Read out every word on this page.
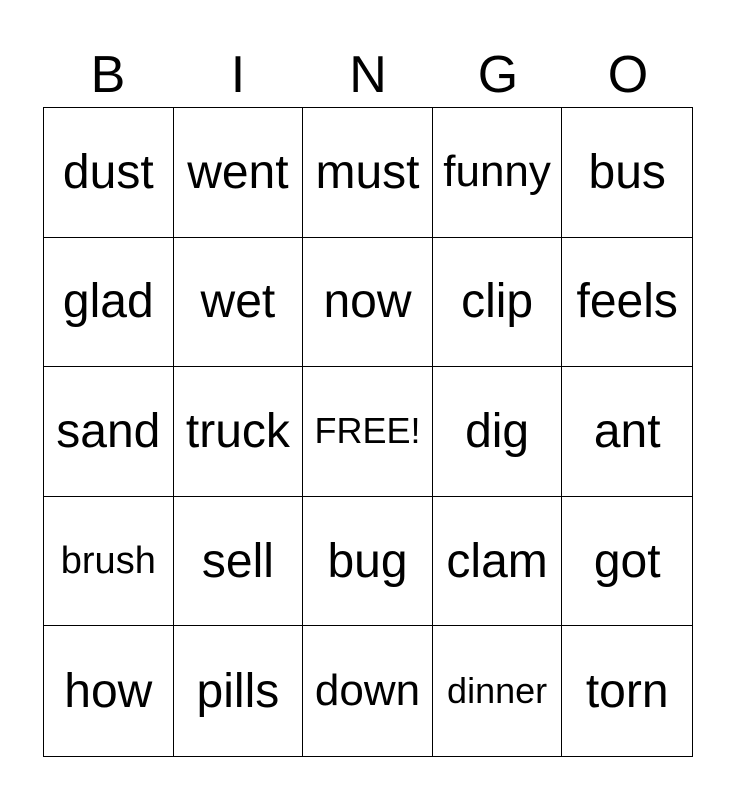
B	I	N	G	O
dust went must funny bus
glad wet	now	clip feels
sand truck FREE! dig	ant
brush sell	bug clam got
how pills down dinner torn
